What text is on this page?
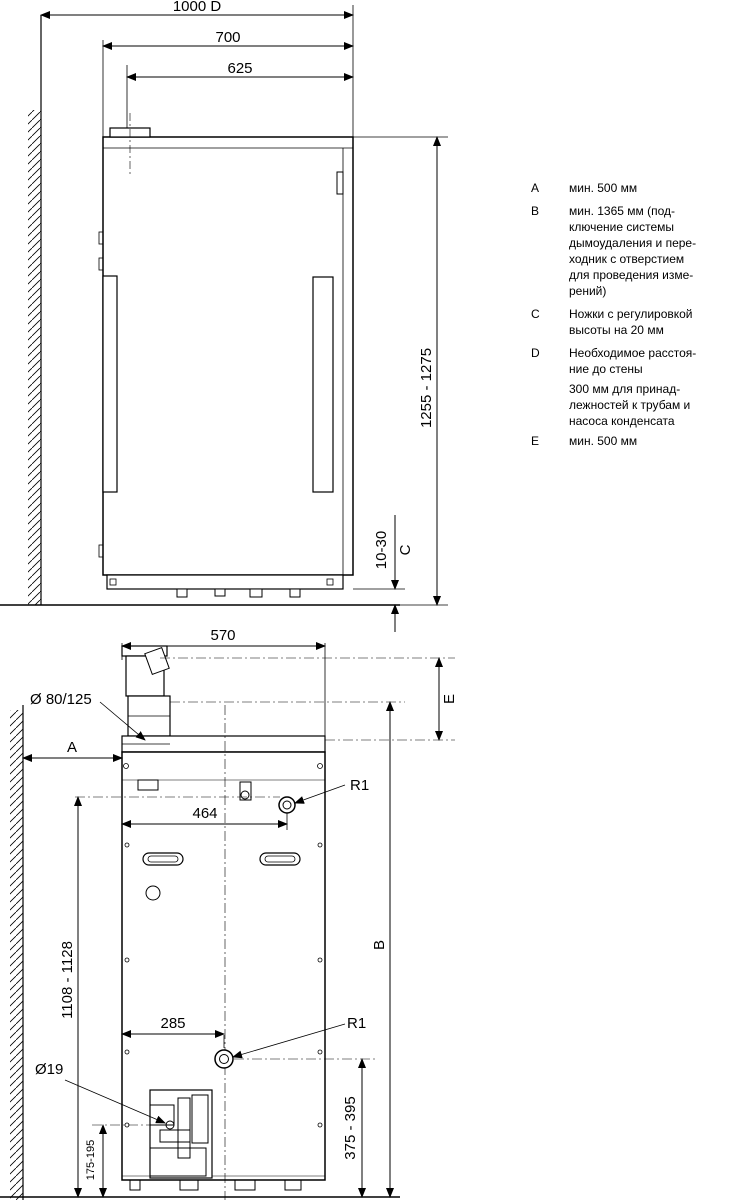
1000 D
700
625
1255 - 1275
10-30 C
570
E
B
A
Ø 80/125
R1
464
1108 - 1128
285	R1
375 - 395
Ø19
175-195
A	мин. 500 мм
B	мин. 1365 мм (под-
ключение системы
дымоудаления и пере-
ходник с отверстием
для проведения изме-
рений)
C	Ножки с регулировкой
высоты на 20 мм
D	Необходимое расстоя-
ние до стены
300 мм для принад-
лежностей к трубам и
насоса конденсата
E	мин. 500 мм
